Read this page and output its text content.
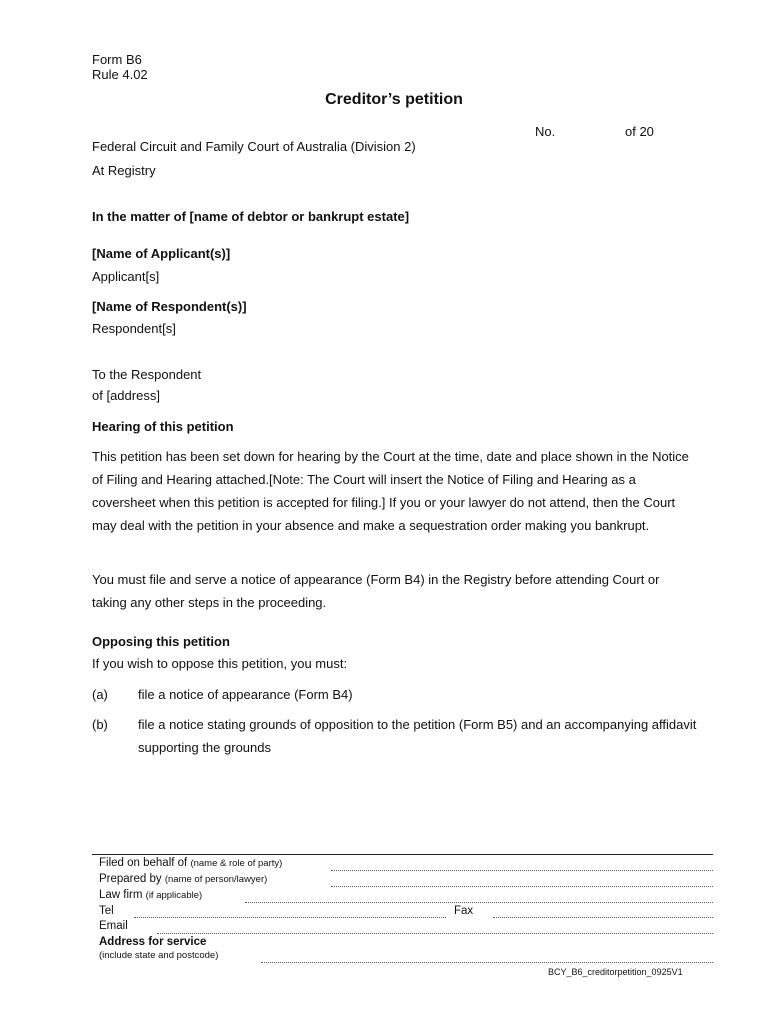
Form B6
Rule 4.02
Creditor’s petition
No.	of 20
Federal Circuit and Family Court of Australia (Division 2)
At Registry
In the matter of [name of debtor or bankrupt estate]
[Name of Applicant(s)]
Applicant[s]
[Name of Respondent(s)]
Respondent[s]
To the Respondent
of [address]
Hearing of this petition
This petition has been set down for hearing by the Court at the time, date and place shown in the Notice of Filing and Hearing attached.[Note: The Court will insert the Notice of Filing and Hearing as a coversheet when this petition is accepted for filing.] If you or your lawyer do not attend, then the Court may deal with the petition in your absence and make a sequestration order making you bankrupt.
You must file and serve a notice of appearance (Form B4) in the Registry before attending Court or taking any other steps in the proceeding.
Opposing this petition
If you wish to oppose this petition, you must:
(a) file a notice of appearance (Form B4)
(b) file a notice stating grounds of opposition to the petition (Form B5) and an accompanying affidavit supporting the grounds
Filed on behalf of (name & role of party)
Prepared by (name of person/lawyer)
Law firm (if applicable)
Tel	Fax
Email
Address for service
(include state and postcode)
BCY_B6_creditorpetition_0925V1
